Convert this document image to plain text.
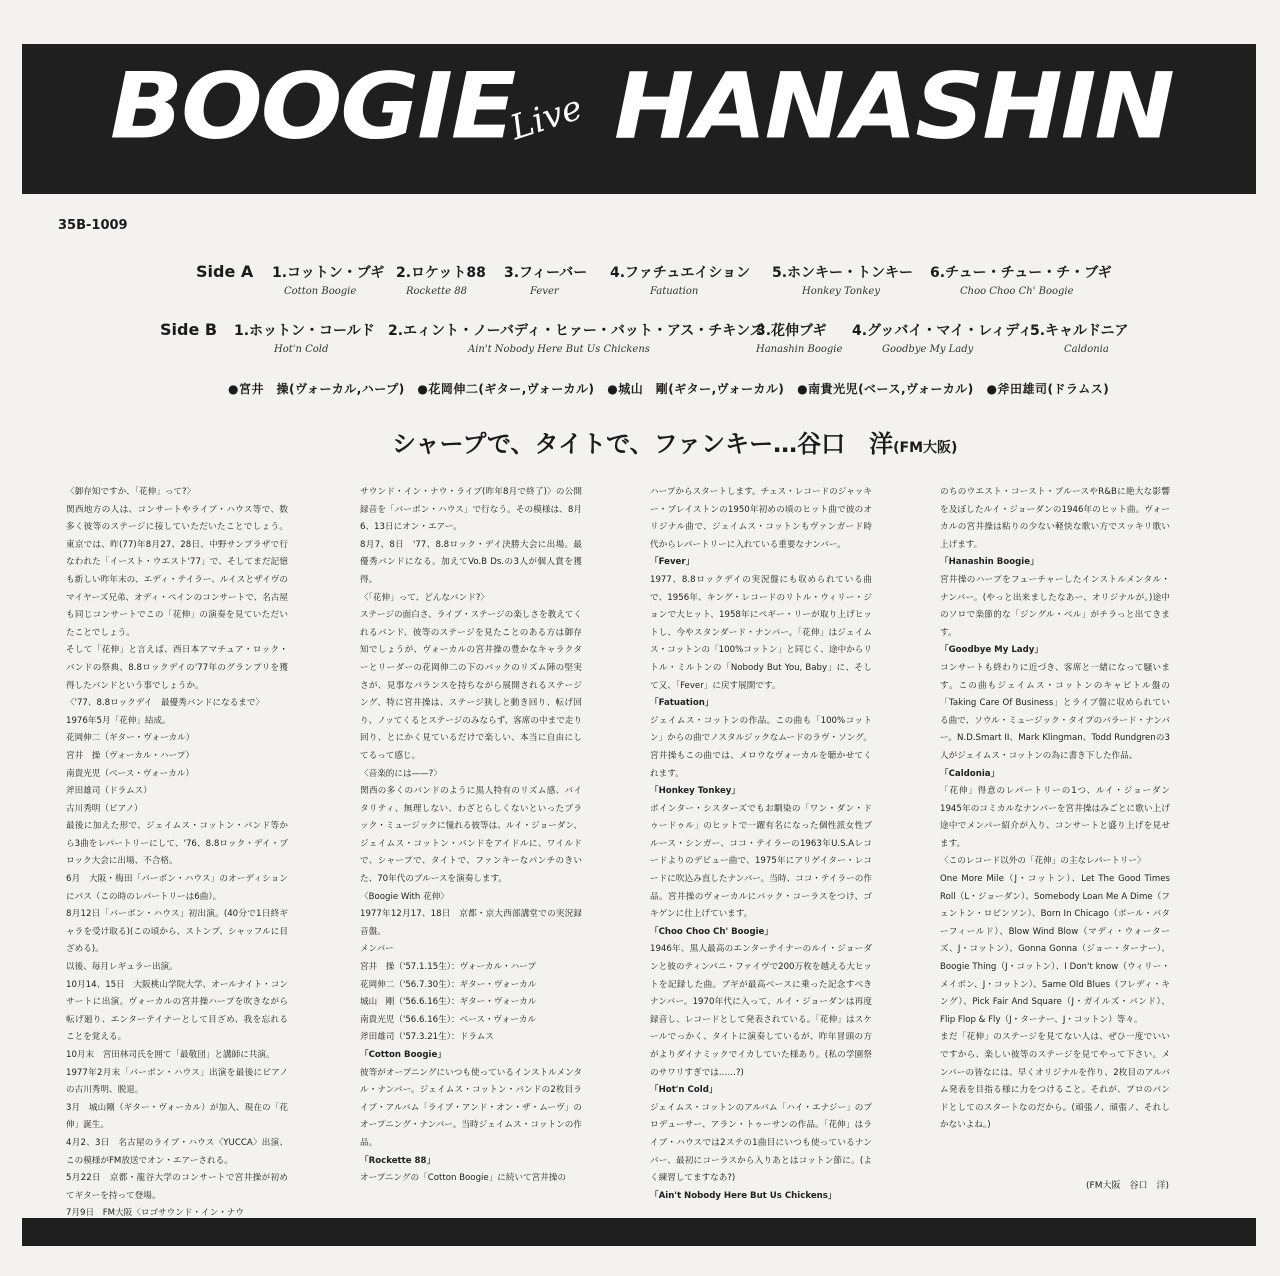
BOOGIE
Live HANASHIN
35B-1009
Side A 1.コットン・ブギ
Cotton Boogie
2.ロケット88
Rockette 88
3.フィーバー
Fever
4.ファチュエイション
Fatuation
5.ホンキー・トンキー
Honkey Tonkey
6.チュー・チュー・チ・ブギ
Choo Choo Ch' Boogie
Side B 1.ホットン・コールド
Hot'n Cold
2.エィント・ノーバディ・ヒァー・バット・アス・チキンズ
Ain't Nobody Here But Us Chickens
3.花伸ブギ
Hanashin Boogie
4.グッバイ・マイ・レィディ
Goodbye My Lady
5.キャルドニア
Caldonia
●宮井　操(ヴォーカル,ハープ) ●花岡伸二(ギター,ヴォーカル) ●城山　剛(ギター,ヴォーカル) ●南貴光児(ベース,ヴォーカル) ●斧田雄司(ドラムス)
シャープで、タイトで、ファンキー…谷口　洋(FM大阪)

〈御存知ですか、「花伸」って?〉

関西地方の人は、コンサートやライブ・ハウス等で、数多く彼等のステージに接していただいたことでしょう。東京では、昨(77)年8月27、28日、中野サンプラザで行なわれた「イースト・ウエスト'77」で、そしてまだ記憶も新しい昨年末の、エディ・テイラー、ルイスとザイヴのマイヤーズ兄弟、オディ・ペインのコンサートで、名古屋も同じコンサートでこの「花伸」の演奏を見ていただいたことでしょう。

そして「花伸」と言えば、西日本アマチュア・ロック・バンドの祭典、8.8ロックデイの'77年のグランプリを獲得したバンドという事でしょうか。

〈'77、8.8ロックデイ　最優秀バンドになるまで〉

1976年5月「花伸」結成。

花岡伸二（ギター・ヴォーカル）

宮井　操（ヴォーカル・ハープ）

南貴光児（ベース・ヴォーカル）

斧田雄司（ドラムス）

古川秀明（ピアノ）

最後に加えた形で、ジェイムス・コットン・バンド等から3曲をレパートリーにして、'76、8.8ロック・デイ・ブロック大会に出場、不合格。

6月　大阪・梅田「バーボン・ハウス」のオーディションにパス（この時のレパートリーは6曲）。

8月12日「バーボン・ハウス」初出演。(40分で1日終ギャラを受け取る)(この頃から、ストンプ、シャッフルに目ざめる)。

以後、毎月レギュラー出演。

10月14、15日　大阪桃山学院大学、オールナイト・コンサートに出演。ヴォーカルの宮井操ハープを吹きながら転げ廻り、エンターテイナーとして目ざめ、我を忘れることを覚える。

10月末　宮田林司氏を囲て「最敬団」と講師に共演。

1977年2月末「バーボン・ハウス」出演を最後にピアノの古川秀明、脱退。

3月　城山剛（ギター・ヴォーカル）が加入、現在の「花伸」誕生。

4月2、3日　名古屋のライブ・ハウス〈YUCCA〉出演、この模様がFM放送でオン・エアーされる。

5月22日　京都・龍谷大学のコンサートで宮井操が初めてギターを持って登場。

7月9日　FM大阪〈ロゴサウンド・イン・ナウ

サウンド・イン・ナウ・ライブ(昨年8月で終了)〉の公開録音を「バーボン・ハウス」で行なう。その模様は、8月6、13日にオン・エアー。

8月7、8日　'77、8.8ロック・デイ決勝大会に出場。最優秀バンドになる。加えてVo.B Ds.の3人が個人賞を獲得。

〈「花伸」って、どんなバンド?〉

ステージの面白さ、ライブ・ステージの楽しさを教えてくれるバンド、彼等のステージを見たことのある方は御存知でしょうが、ヴォーカルの宮井操の豊かなキャラクターとリーダーの花岡伸二の下のバックのリズム陣の堅実さが、見事なバランスを持ちながら展開されるステージング、特に宮井操は、ステージ狭しと動き回り、転げ回り、ノッてくるとステージのみならず、客席の中まで走り回り、とにかく見ているだけで楽しい、本当に自由にしてるって感じ。

〈音楽的には——?〉

関西の多くのバンドのように黒人特有のリズム感、バイタリティ、無理しない、わざとらしくないといったブラック・ミュージックに憧れる彼等は、ルイ・ジョーダン、ジェイムス・コットン・バンドをアイドルに、ワイルドで、シャープで、タイトで、ファンキーなパンチのきいた、70年代のブルースを演奏します。

〈Boogie With 花伸〉

1977年12月17、18日　京都・京大西部講堂での実況録音盤。

メンバー

宮井　操（'57.1.15生）：ヴォーカル・ハープ

花岡伸二（'56.7.30生）：ギター・ヴォーカル

城山　剛（'56.6.16生）：ギター・ヴォーカル

南貴光児（'56.6.16生）：ベース・ヴォーカル

斧田雄司（'57.3.21生）：ドラムス

「Cotton Boogie」

彼等がオープニングにいつも使っているインストルメンタル・ナンバー。ジェイムス・コットン・バンドの2枚目ライブ・アルバム「ライブ・アンド・オン・ザ・ムーヴ」のオープニング・ナンバー。当時ジェイムス・コットンの作品。

「Rockette 88」

オープニングの「Cotton Boogie」に続いて宮井操の

ハープからスタートします。チェス・レコードのジャッキー・ブレイストンの1950年初めの頃のヒット曲で彼のオリジナル曲で、ジェイムス・コットンもヴァンガード時代からレパートリーに入れている重要なナンバー。

「Fever」

1977、8.8ロックデイの実況盤にも収められている曲で、1956年、キング・レコードのリトル・ウィリー・ジョンで大ヒット、1958年にペギー・リーが取り上げヒットし、今やスタンダード・ナンバー。「花伸」はジェイムス・コットンの「100%コットン」と同じく、途中からリトル・ミルトンの「Nobody But You, Baby」に、そして又、「Fever」に戻す展開です。

「Fatuation」

ジェイムス・コットンの作品。この曲も「100%コットン」からの曲でノスタルジックなムードのラヴ・ソング。宮井操もこの曲では、メロウなヴォーカルを聴かせてくれます。

「Honkey Tonkey」

ポインター・シスターズでもお馴染の「ワン・ダン・ドゥードゥル」のヒットで一躍有名になった個性派女性ブルース・シンガー、ココ・テイラーの1963年U.S.Aレコードよりのデビュー曲で、1975年にアリゲイター・レコードに吹込み直したナンバー。当時、ココ・テイラーの作品。宮井操のヴォーカルにバック・コーラスをつけ、ゴキゲンに仕上げています。

「Choo Choo Ch' Boogie」

1946年、黒人最高のエンターテイナーのルイ・ジョーダンと彼のティンパニ・ファイヴで200万枚を越える大ヒットを記録した曲。ブギが最高ベースに乗った記念すべきナンバー。1970年代に入って、ルイ・ジョーダンは再度録音し、レコードとして発表されている。「花伸」はスケールでっかく、タイトに演奏しているが、昨年冒頭の方がよりダイナミックでイカしていた様あり。(私の学園祭のサワリすぎでは……?)

「Hot'n Cold」

ジェイムス・コットンのアルバム「ハイ・エナジー」のプロデューサー、アラン・トゥーサンの作品。「花伸」はライブ・ハウスでは2ステの1曲目にいつも使っているナンバー、最初にコーラスから入りあとはコットン節に。(よく練習してますなあ?)

「Ain't Nobody Here But Us Chickens」

のちのウエスト・コースト・ブルースやR&Bに絶大な影響を及ぼしたルイ・ジョーダンの1946年のヒット曲。ヴォーカルの宮井操は粘りの少ない軽快な歌い方でスッキリ歌い上げます。

「Hanashin Boogie」

宮井操のハープをフューチャーしたインストルメンタル・ナンバー。(やっと出来ましたなあー、オリジナルが。)途中のソロで楽節的な「ジングル・ベル」がチラっと出てきます。

「Goodbye My Lady」

コンサートも終わりに近づき、客席と一緒になって騒います。この曲もジェイムス・コットンのキャピトル盤の「Taking Care Of Business」とライブ盤に収められている曲で、ソウル・ミュージック・タイプのバラード・ナンバー。N.D.Smart II、Mark Klingman、Todd Rundgrenの3人がジェイムス・コットンの為に書き下した作品。

「Caldonia」

「花伸」得意のレパートリーの1つ、ルイ・ジョーダン1945年のコミカルなナンバーを宮井操はみごとに歌い上げ途中でメンバー紹介が入り、コンサートと盛り上げを見せます。

〈このレコード以外の「花伸」の主なレパートリー〉

One More Mile（J・コットン）、Let The Good Times Roll（L・ジョーダン）、Somebody Loan Me A Dime（フェントン・ロビンソン）、Born In Chicago（ポール・バターフィールド）、Blow Wind Blow（マディ・ウォーターズ、J・コットン）、Gonna Gonna（ジョー・ターナー）、Boogie Thing（J・コットン）、I Don't know（ウィリー・メイボン、J・コットン）、Same Old Blues（フレディ・キング）、Pick Fair And Square（J・ガイルズ・バンド）、Flip Flop & Fly（J・ターナー、J・コットン）等々。

まだ「花伸」のステージを見てない人は、ぜひ一度でいいですから、楽しい彼等のステージを見てやって下さい。メンバーの皆なには、早くオリジナルを作り、2枚目のアルバム発表を目指る様に力をつけること。それが、プロのバンドとしてのスタートなのだから。(頑張ノ、頑張ノ、それしかないよね。)

(FM大阪　谷口　洋)
